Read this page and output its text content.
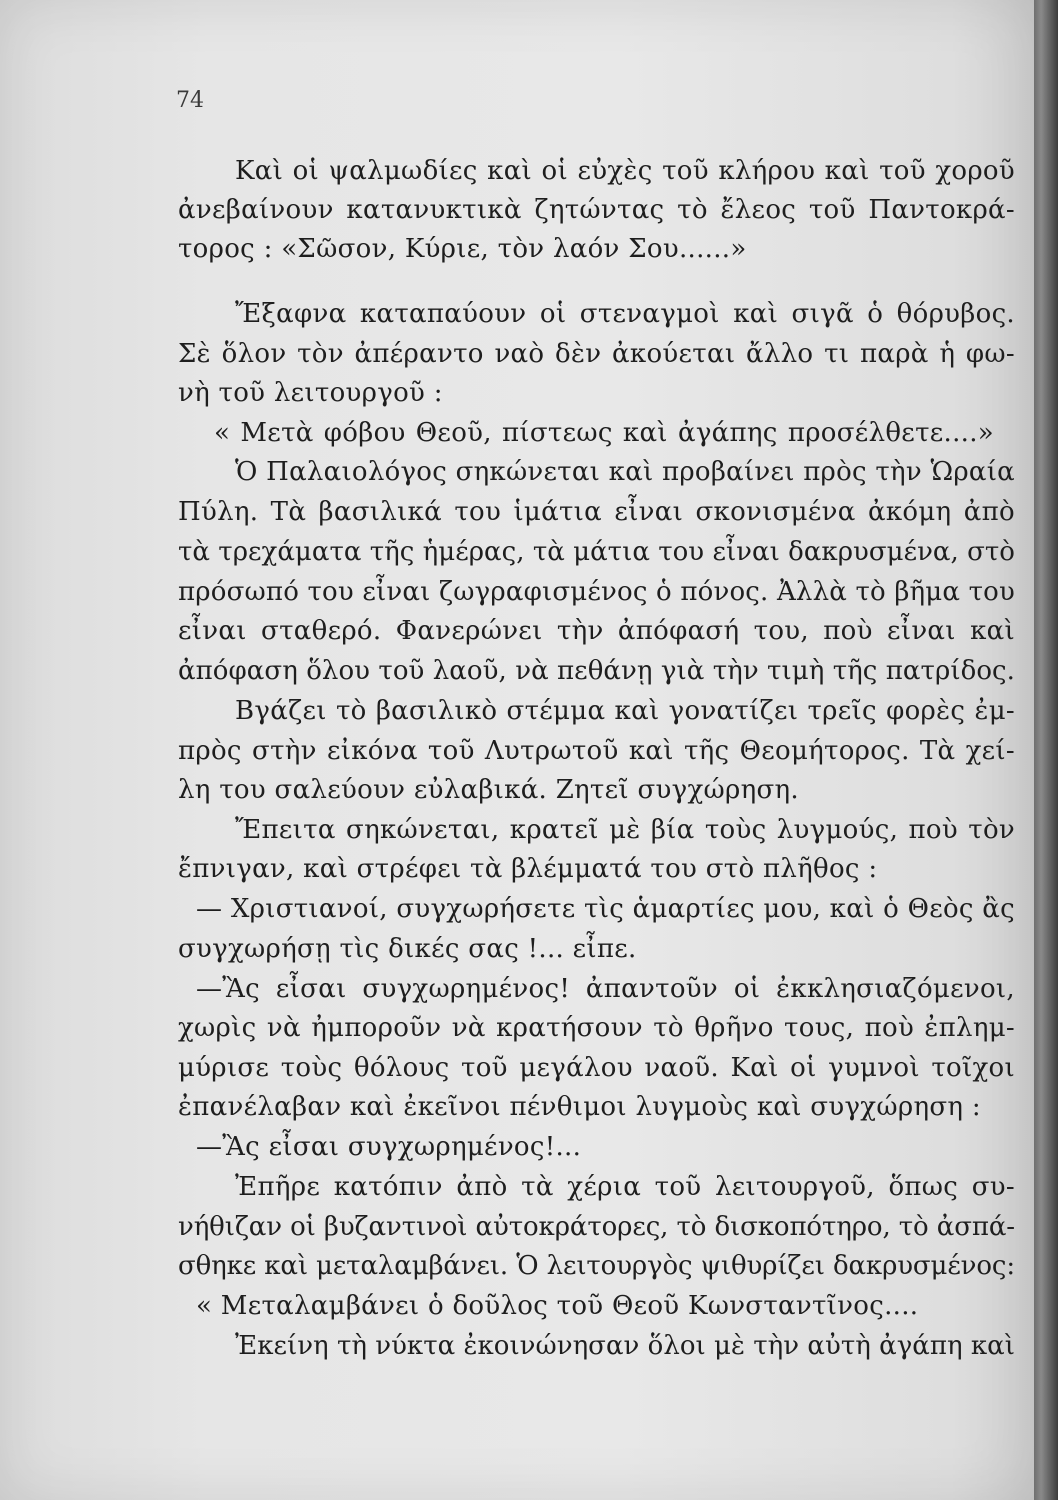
74

Καὶ οἱ ψαλμωδίες καὶ οἱ εὐχὲς τοῦ κλήρου καὶ τοῦ χοροῦ

ἀνεβαίνουν κατανυκτικὰ ζητώντας τὸ ἔλεος τοῦ Παντοκρά-

τορος : «Σῶσον, Κύριε, τὸν λαόν Σου......»

Ἔξαφνα καταπαύουν οἱ στεναγμοὶ καὶ σιγᾶ ὁ θόρυβος.

Σὲ ὅλον τὸν ἀπέραντο ναὸ δὲν ἀκούεται ἄλλο τι παρὰ ἡ φω-

νὴ τοῦ λειτουργοῦ :

« Μετὰ φόβου Θεοῦ, πίστεως καὶ ἀγάπης προσέλθετε....»

Ὁ Παλαιολόγος σηκώνεται καὶ προβαίνει πρὸς τὴν Ὡραία

Πύλη. Τὰ βασιλικά του ἱμάτια εἶναι σκονισμένα ἀκόμη ἀπὸ

τὰ τρεχάματα τῆς ἡμέρας, τὰ μάτια του εἶναι δακρυσμένα, στὸ

πρόσωπό του εἶναι ζωγραφισμένος ὁ πόνος. Ἀλλὰ τὸ βῆμα του

εἶναι σταθερό. Φανερώνει τὴν ἀπόφασή του, ποὺ εἶναι καὶ

ἀπόφαση ὅλου τοῦ λαοῦ, νὰ πεθάνῃ γιὰ τὴν τιμὴ τῆς πατρίδος.

Βγάζει τὸ βασιλικὸ στέμμα καὶ γονατίζει τρεῖς φορὲς ἐμ-

πρὸς στὴν εἰκόνα τοῦ Λυτρωτοῦ καὶ τῆς Θεομήτορος. Τὰ χεί-

λη του σαλεύουν εὐλαβικά. Ζητεῖ συγχώρηση.

Ἔπειτα σηκώνεται, κρατεῖ μὲ βία τοὺς λυγμούς, ποὺ τὸν

ἔπνιγαν, καὶ στρέφει τὰ βλέμματά του στὸ πλῆθος :

— Χριστιανοί, συγχωρήσετε τὶς ἁμαρτίες μου, καὶ ὁ Θεὸς ἂς

συγχωρήσῃ τὶς δικές σας !... εἶπε.

—Ἂς εἶσαι συγχωρημένος! ἀπαντοῦν οἱ ἐκκλησιαζόμενοι,

χωρὶς νὰ ἠμποροῦν νὰ κρατήσουν τὸ θρῆνο τους, ποὺ ἐπλημ-

μύρισε τοὺς θόλους τοῦ μεγάλου ναοῦ. Καὶ οἱ γυμνοὶ τοῖχοι

ἐπανέλαβαν καὶ ἐκεῖνοι πένθιμοι λυγμοὺς καὶ συγχώρηση :

—Ἂς εἶσαι συγχωρημένος!...

Ἐπῆρε κατόπιν ἀπὸ τὰ χέρια τοῦ λειτουργοῦ, ὅπως συ-

νήθιζαν οἱ βυζαντινοὶ αὐτοκράτορες, τὸ δισκοπότηρο, τὸ ἀσπά-

σθηκε καὶ μεταλαμβάνει. Ὁ λειτουργὸς ψιθυρίζει δακρυσμένος:

« Μεταλαμβάνει ὁ δοῦλος τοῦ Θεοῦ Κωνσταντῖνος....

Ἐκείνη τὴ νύκτα ἐκοινώνησαν ὅλοι μὲ τὴν αὐτὴ ἀγάπη καὶ
